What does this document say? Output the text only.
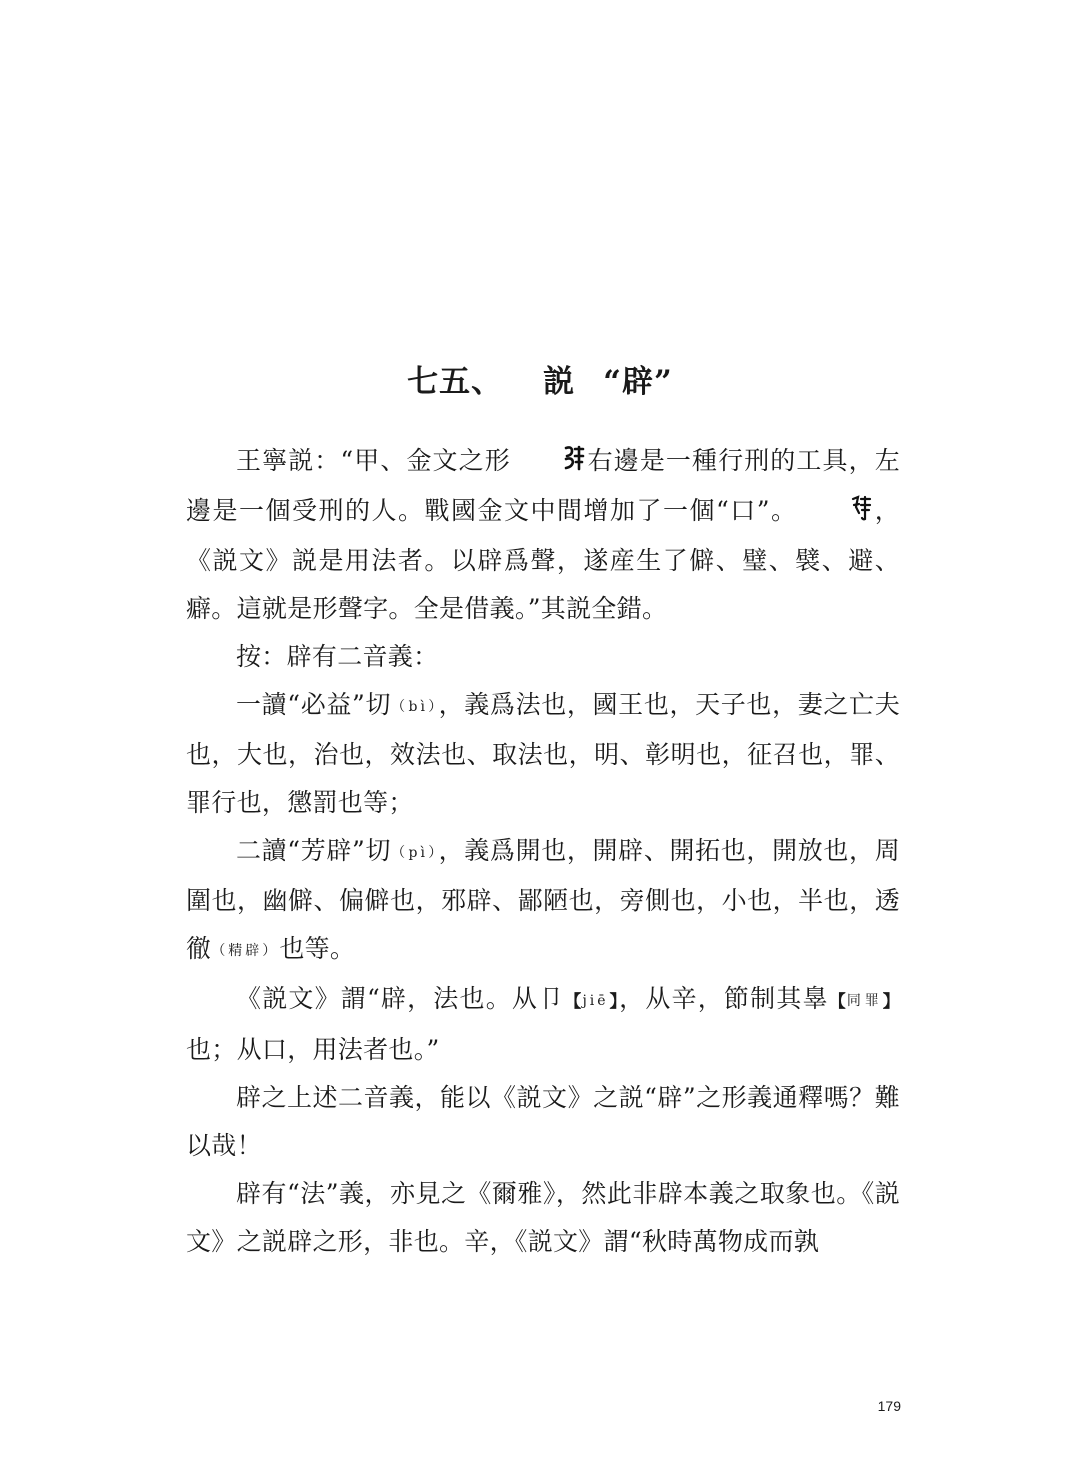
七五、 説 “辟”

王寧説：“甲、金文之形	右邊是一種行刑的工具，左邊是一個受刑的人。戰國金文中間增加了一個“口”。	，《説文》説是用法者。以辟爲聲，遂産生了僻、璧、襞、避、癖。這就是形聲字。全是借義。”其説全錯。

按：辟有二音義：

一讀“必益”切（bì），義爲法也，國王也，天子也，妻之亡夫也，大也，治也，效法也、取法也，明、彰明也，征召也，罪、罪行也，懲罰也等；

二讀“芳辟”切（pì），義爲開也，開辟、開拓也，開放也，周圍也，幽僻、偏僻也，邪辟、鄙陋也，旁側也，小也，半也，透徹（精辟）也等。

《説文》謂“辟，法也。从卩【jiē】，从辛，節制其辠【同罪】也；从口，用法者也。”

辟之上述二音義，能以《説文》之説“辟”之形義通釋嗎？難以哉！

辟有“法”義，亦見之《爾雅》，然此非辟本義之取象也。《説文》之説辟之形，非也。辛，《説文》謂“秋時萬物成而孰

179
